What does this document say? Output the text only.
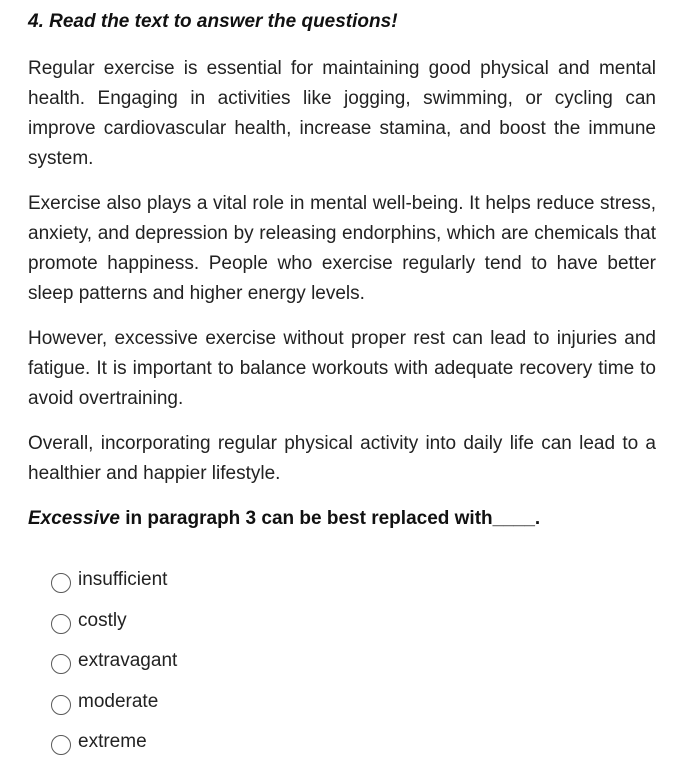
4. Read the text to answer the questions!

Regular exercise is essential for maintaining good physical and mental health. Engaging in activities like jogging, swimming, or cycling can improve cardiovascular health, increase stamina, and boost the immune system.

Exercise also plays a vital role in mental well-being. It helps reduce stress, anxiety, and depression by releasing endorphins, which are chemicals that promote happiness. People who exercise regularly tend to have better sleep patterns and higher energy levels.

However, excessive exercise without proper rest can lead to injuries and fatigue. It is important to balance workouts with adequate recovery time to avoid overtraining.

Overall, incorporating regular physical activity into daily life can lead to a healthier and happier lifestyle.

Excessive in paragraph 3 can be best replaced with____.

insufficient
costly
extravagant
moderate
extreme
